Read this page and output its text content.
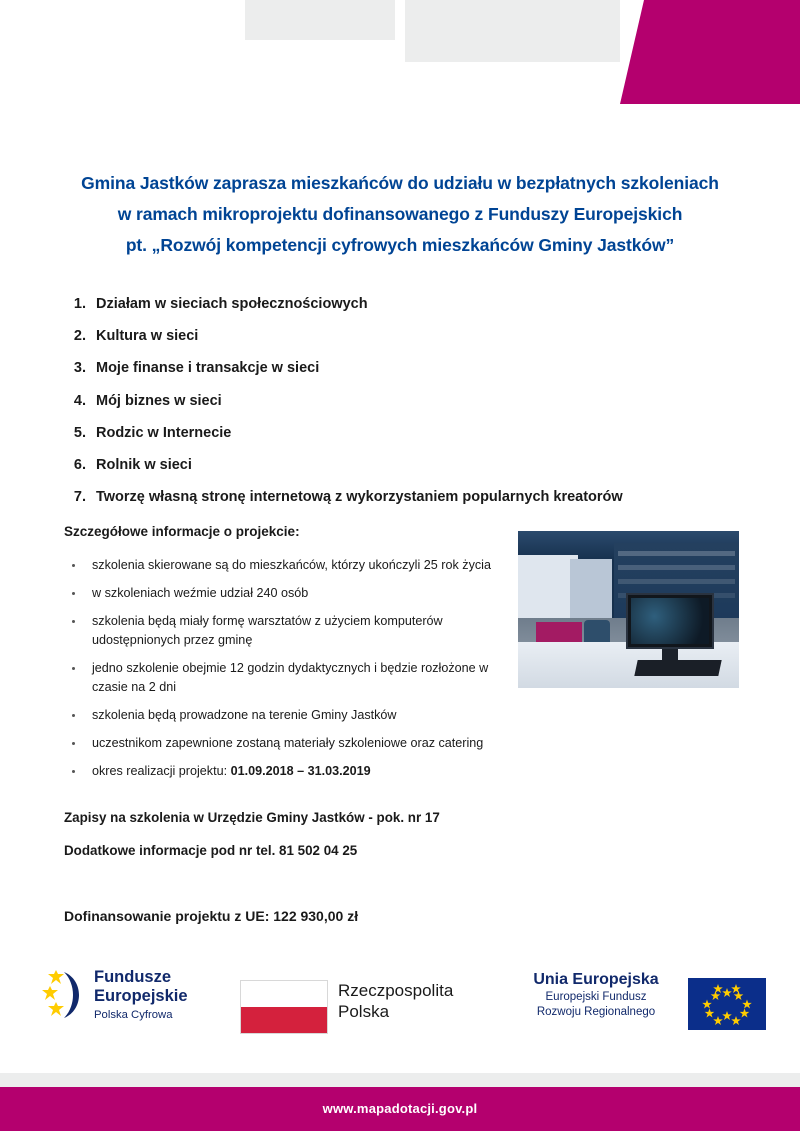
Gmina Jastków zaprasza mieszkańców do udziału w bezpłatnych szkoleniach
w ramach mikroprojektu dofinansowanego z Funduszy Europejskich
pt. „Rozwój kompetencji cyfrowych mieszkańców Gminy Jastków”
1. Działam w sieciach społecznościowych
2. Kultura w sieci
3. Moje finanse i transakcje w sieci
4. Mój biznes w sieci
5. Rodzic w Internecie
6. Rolnik w sieci
7. Tworzę własną stronę internetową z wykorzystaniem popularnych kreatorów
Szczegółowe informacje o projekcie:
szkolenia skierowane są do mieszkańców, którzy ukończyli 25 rok życia
w szkoleniach weźmie udział 240 osób
szkolenia będą miały formę warsztatów z użyciem komputerów udostępnionych przez gminę
jedno szkolenie obejmie 12 godzin dydaktycznych i będzie rozłożone w czasie na 2 dni
szkolenia będą prowadzone na terenie Gminy Jastków
uczestnikom zapewnione zostaną materiały szkoleniowe oraz catering
okres realizacji projektu: 01.09.2018 – 31.03.2019
Zapisy na szkolenia w Urzędzie Gminy Jastków - pok. nr 17
Dodatkowe informacje pod nr tel. 81 502 04 25
Dofinansowanie projektu z UE: 122 930,00 zł
Fundusze
Europejskie
Polska Cyfrowa
Rzeczpospolita
Polska
Unia Europejska
Europejski Fundusz
Rozwoju Regionalnego
www.mapadotacji.gov.pl
